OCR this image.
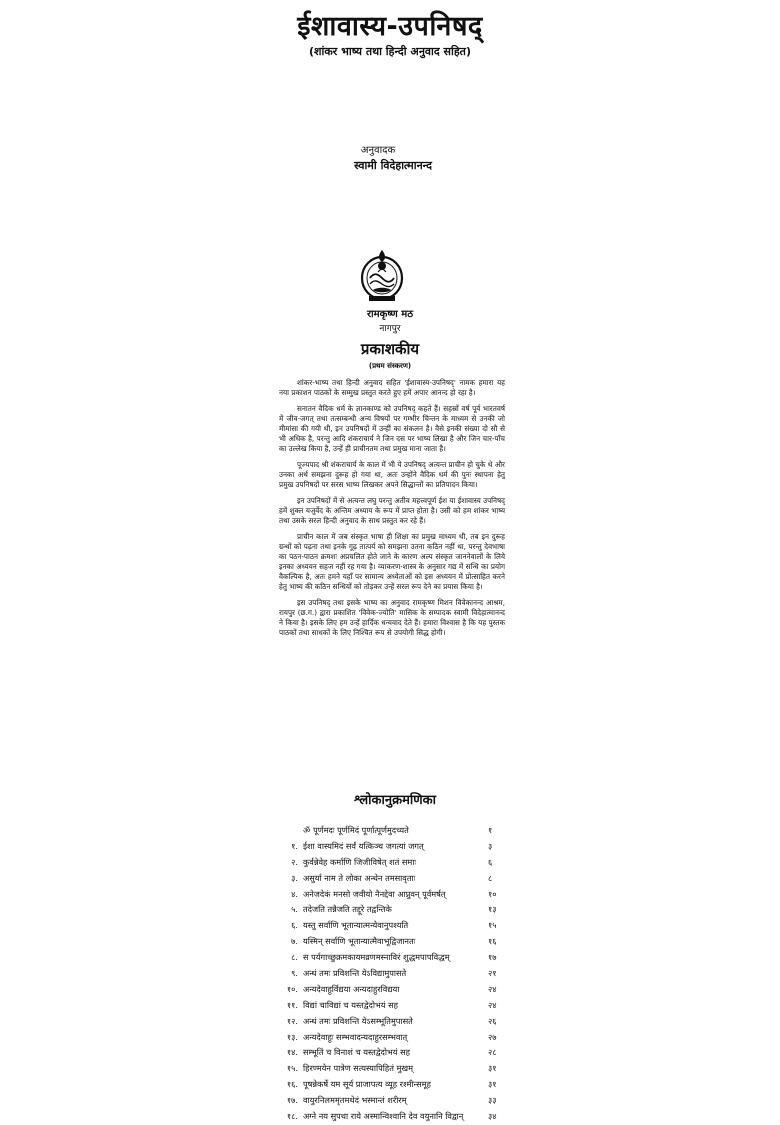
ईशावास्य-उपनिषद्
(शांकर भाष्य तथा हिन्दी अनुवाद सहित)
अनुवादक
स्वामी विदेहात्मानन्द
रामकृष्ण मठ
नागपुर
प्रकाशकीय
(प्रथम संस्करण)

शांकर-भाष्य तथा हिन्दी अनुवाद सहित 'ईशावास्य-उपनिषद्' नामक हमारा यह नया प्रकाशन पाठकों के सम्मुख प्रस्तुत करते हुए हमें अपार आनन्द हो रहा है।

सनातन वैदिक धर्म के ज्ञानकाण्ड को उपनिषद् कहते हैं। सहस्रों वर्ष पूर्व भारतवर्ष में जीव-जगत् तथा तत्सम्बन्धी अन्य विषयों पर गम्भीर चिन्तन के माध्यम से उनकी जो मीमांसा की गयी थी, इन उपनिषदों में उन्हीं का संकलन है। वैसे इनकी संख्या दो सौ से भी अधिक है, परन्तु आदि शंकराचार्य ने जिन दस पर भाष्य लिखा है और जिन चार-पाँच का उल्लेख किया है, उन्हें ही प्राचीनतम तथा प्रमुख माना जाता है।

पूज्यपाद श्री शंकराचार्य के काल में भी ये उपनिषद् अत्यन्त प्राचीन हो चुके थे और उनका अर्थ समझना दुरूह हो गया था, अतः उन्होंने वैदिक धर्म की पुनः स्थापना हेतु प्रमुख उपनिषदों पर सरस भाष्य लिखकर अपने सिद्धान्तों का प्रतिपादन किया।

इन उपनिषदों में से अत्यन्त लघु परन्तु अतीव महत्त्वपूर्ण ईश या ईशावास्य उपनिषद् हमें शुक्ल यजुर्वेद के अन्तिम अध्याय के रूप में प्राप्त होता है। उसी को हम शांकर भाष्य तथा उसके सरल हिन्दी अनुवाद के साथ प्रस्तुत कर रहे हैं।

प्राचीन काल में जब संस्कृत भाषा ही शिक्षा का प्रमुख माध्यम थी, तब इन दुरूह ग्रन्थों को पढ़ना तथा इनके गूढ़ तात्पर्य को समझना उतना कठिन नहीं था, परन्तु देवभाषा का पठन-पाठन क्रमशः अप्रचलित होते जाने के कारण अल्प संस्कृत जाननेवालों के लिये इनका अध्ययन सहज नहीं रह गया है। व्याकरण-शास्त्र के अनुसार गद्य में सन्धि का प्रयोग वैकल्पिक है, अतः हमने यहाँ पर सामान्य अध्येताओं को इस अध्ययन में प्रोत्साहित करने हेतु भाष्य की कठिन सन्धियों को तोड़कर उन्हें सरल रूप देने का प्रयास किया है।

इस उपनिषद् तथा इसके भाष्य का अनुवाद रामकृष्ण मिशन विवेकानन्द आश्रम, रायपुर (छ.ग.) द्वारा प्रकाशित 'विवेक-ज्योति' मासिक के सम्पादक स्वामी विदेहात्मानन्द ने किया है। इसके लिए हम उन्हें हार्दिक धन्यवाद देते हैं। हमारा विश्वास है कि यह पुस्तक पाठकों तथा साधकों के लिए निश्चित रूप से उपयोगी सिद्ध होगी।

श्लोकानुक्रमणिका
ॐ पूर्णमदः पूर्णमिदं पूर्णात्पूर्णमुदच्यते	१
१. ईशा वास्यमिदं सर्वं यत्किञ्च जगत्यां जगत्	३
२. कुर्वन्नेवेह कर्माणि जिजीविषेत् शतं समाः	६
३. असुर्या नाम ते लोका अन्धेन तमसावृताः	८
४. अनेजदेकं मनसो जवीयो नैनद्देवा आप्नुवन् पूर्वमर्षत्	१०
५. तदेजति तन्नैजति तद्दूरे तद्वन्तिके	१३
६. यस्तु सर्वाणि भूतान्यात्मन्येवानुपश्यति	१५
७. यस्मिन् सर्वाणि भूतान्यात्मैवाभूद्विजानतः	१६
८. स पर्यगाच्छुक्रमकायमव्रणमस्नाविरं शुद्धमपापविद्धम्	१७
९. अन्धं तमः प्रविशन्ति येऽविद्यामुपासते	२१
१०. अन्यदेवाहुर्विद्यया अन्यदाहुरविद्यया	२४
११. विद्यां चाविद्यां च यस्तद्वेदोभयं सह	२४
१२. अन्धं तमः प्रविशन्ति येऽसम्भूतिमुपासते	२६
१३. अन्यदेवाहुः सम्भवादन्यदाहुरसम्भवात्	२७
१४. सम्भूतिं च विनाशं च यस्तद्वेदोभयं सह	२८
१५. हिरण्मयेन पात्रेण सत्यस्यापिहितं मुखम्	३१
१६. पूषन्नेकर्षे यम सूर्य प्राजापत्य व्यूह रश्मीन्समूह	३१
१७. वायुरनिलममृतमथेदं भस्मान्तं शरीरम्	३३
१८. अग्ने नय सुपथा राये अस्मान्विश्वानि देव वयुनानि विद्वान्	३४
